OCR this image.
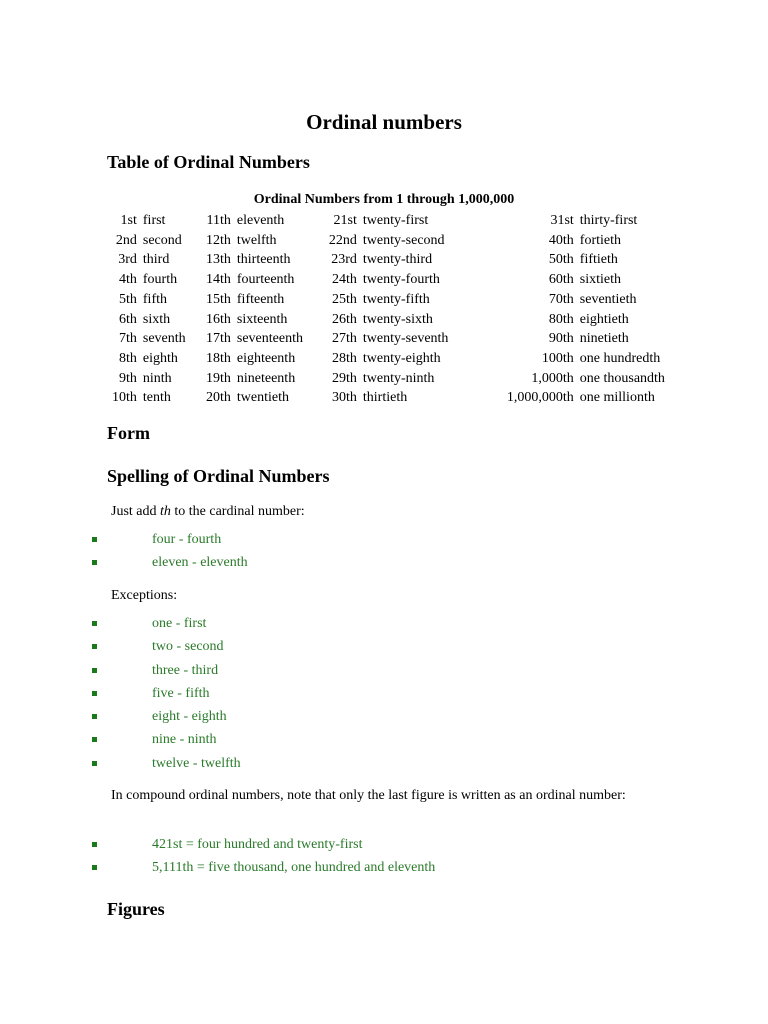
Ordinal numbers
Table of Ordinal Numbers
Ordinal Numbers from 1 through 1,000,000
1st	first	11th	eleventh	21st	twenty-first	31st	thirty-first
2nd	second	12th	twelfth	22nd	twenty-second	40th	fortieth
3rd	third	13th	thirteenth	23rd	twenty-third	50th	fiftieth
4th	fourth	14th	fourteenth	24th	twenty-fourth	60th	sixtieth
5th	fifth	15th	fifteenth	25th	twenty-fifth	70th	seventieth
6th	sixth	16th	sixteenth	26th	twenty-sixth	80th	eightieth
7th	seventh	17th	seventeenth	27th	twenty-seventh	90th	ninetieth
8th	eighth	18th	eighteenth	28th	twenty-eighth	100th	one hundredth
9th	ninth	19th	nineteenth	29th	twenty-ninth	1,000th	one thousandth
10th	tenth	20th	twentieth	30th	thirtieth	1,000,000th	one millionth
Form
Spelling of Ordinal Numbers

Just add th to the cardinal number:

four - fourth
eleven - eleventh

Exceptions:

one - first
two - second
three - third
five - fifth
eight - eighth
nine - ninth
twelve - twelfth

In compound ordinal numbers, note that only the last figure is written as an ordinal number:

421st = four hundred and twenty-first
5,111th = five thousand, one hundred and eleventh
Figures
